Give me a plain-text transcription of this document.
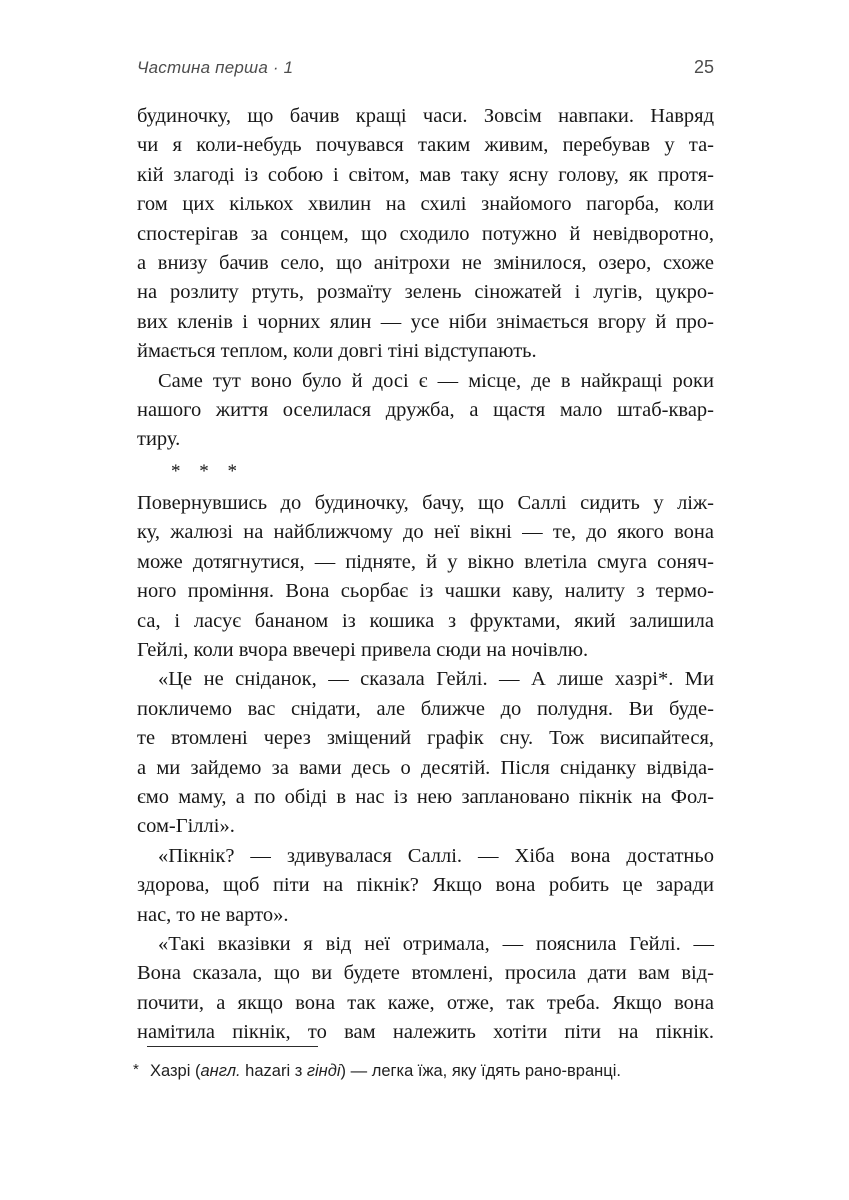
Частина перша · 1	25

будиночку, що бачив кращі часи. Зовсім навпаки. Навряд
чи я коли-небудь почувався таким живим, перебував у та-
кій злагоді із собою і світом, мав таку ясну голову, як протя-
гом цих кількох хвилин на схилі знайомого пагорба, коли
спостерігав за сонцем, що сходило потужно й невідворотно,
а внизу бачив село, що анітрохи не змінилося, озеро, схоже
на розлиту ртуть, розмаїту зелень сіножатей і лугів, цукро-
вих кленів і чорних ялин — усе ніби знімається вгору й про-
ймається теплом, коли довгі тіні відступають.

Саме тут воно було й досі є — місце, де в найкращі роки
нашого життя оселилася дружба, а щастя мало штаб-квар-
тиру.

* * *

Повернувшись до будиночку, бачу, що Саллі сидить у ліж-
ку, жалюзі на найближчому до неї вікні — те, до якого вона
може дотягнутися, — підняте, й у вікно влетіла смуга соняч-
ного проміння. Вона сьорбає із чашки каву, налиту з термо-
са, і ласує бананом із кошика з фруктами, який залишила
Гейлі, коли вчора ввечері привела сюди на ночівлю.

«Це не сніданок, — сказала Гейлі. — А лише хазрі*. Ми
покличемо вас снідати, але ближче до полудня. Ви буде-
те втомлені через зміщений графік сну. Тож висипайтеся,
а ми зайдемо за вами десь о десятій. Після сніданку відвіда-
ємо маму, а по обіді в нас із нею заплановано пікнік на Фол-
сом-Гіллі».

«Пікнік? — здивувалася Саллі. — Хіба вона достатньо
здорова, щоб піти на пікнік? Якщо вона робить це заради
нас, то не варто».

«Такі вказівки я від неї отримала, — пояснила Гейлі. —
Вона сказала, що ви будете втомлені, просила дати вам від-
почити, а якщо вона так каже, отже, так треба. Якщо вона
намітила пікнік, то вам належить хотіти піти на пікнік.

* Хазрі (англ. hazari з гінді) — легка їжа, яку їдять рано-вранці.
